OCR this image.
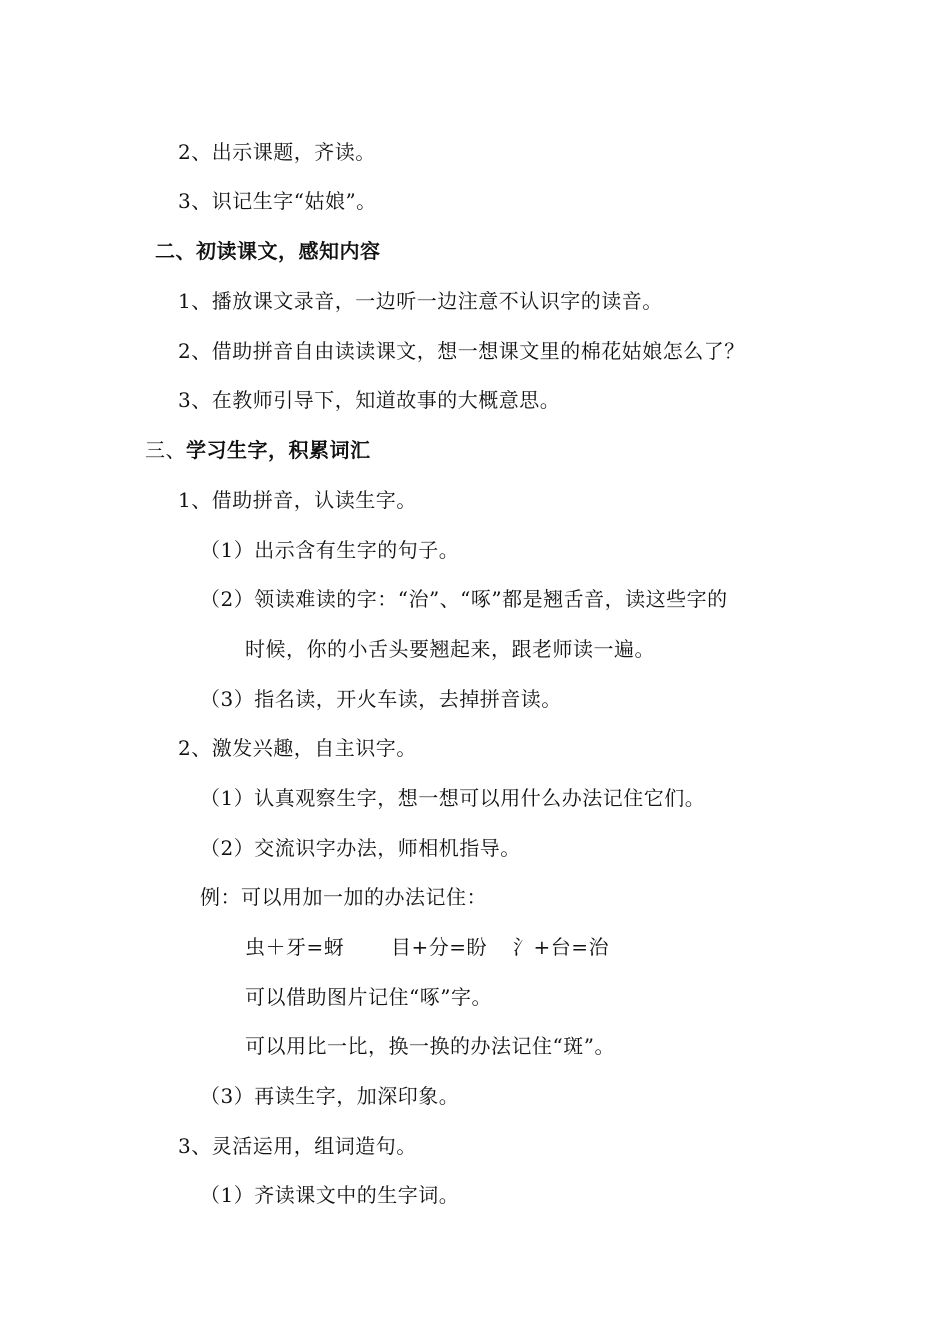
2、出示课题，齐读。
3、识记生字“姑娘”。
二、初读课文，感知内容
1、播放课文录音，一边听一边注意不认识字的读音。
2、借助拼音自由读读课文，想一想课文里的棉花姑娘怎么了？
3、在教师引导下，知道故事的大概意思。
三、学习生字，积累词汇
1、借助拼音，认读生字。
（1）出示含有生字的句子。
（2）领读难读的字：“治”、“啄”都是翘舌音，读这些字的
时候，你的小舌头要翘起来，跟老师读一遍。
（3）指名读，开火车读，去掉拼音读。
2、激发兴趣，自主识字。
（1）认真观察生字，想一想可以用什么办法记住它们。
（2）交流识字办法，师相机指导。
例：可以用加一加的办法记住：
虫＋牙=蚜 目+分=盼 氵+台=治
可以借助图片记住“啄”字。
可以用比一比，换一换的办法记住“斑”。
（3）再读生字，加深印象。
3、灵活运用，组词造句。
（1）齐读课文中的生字词。
